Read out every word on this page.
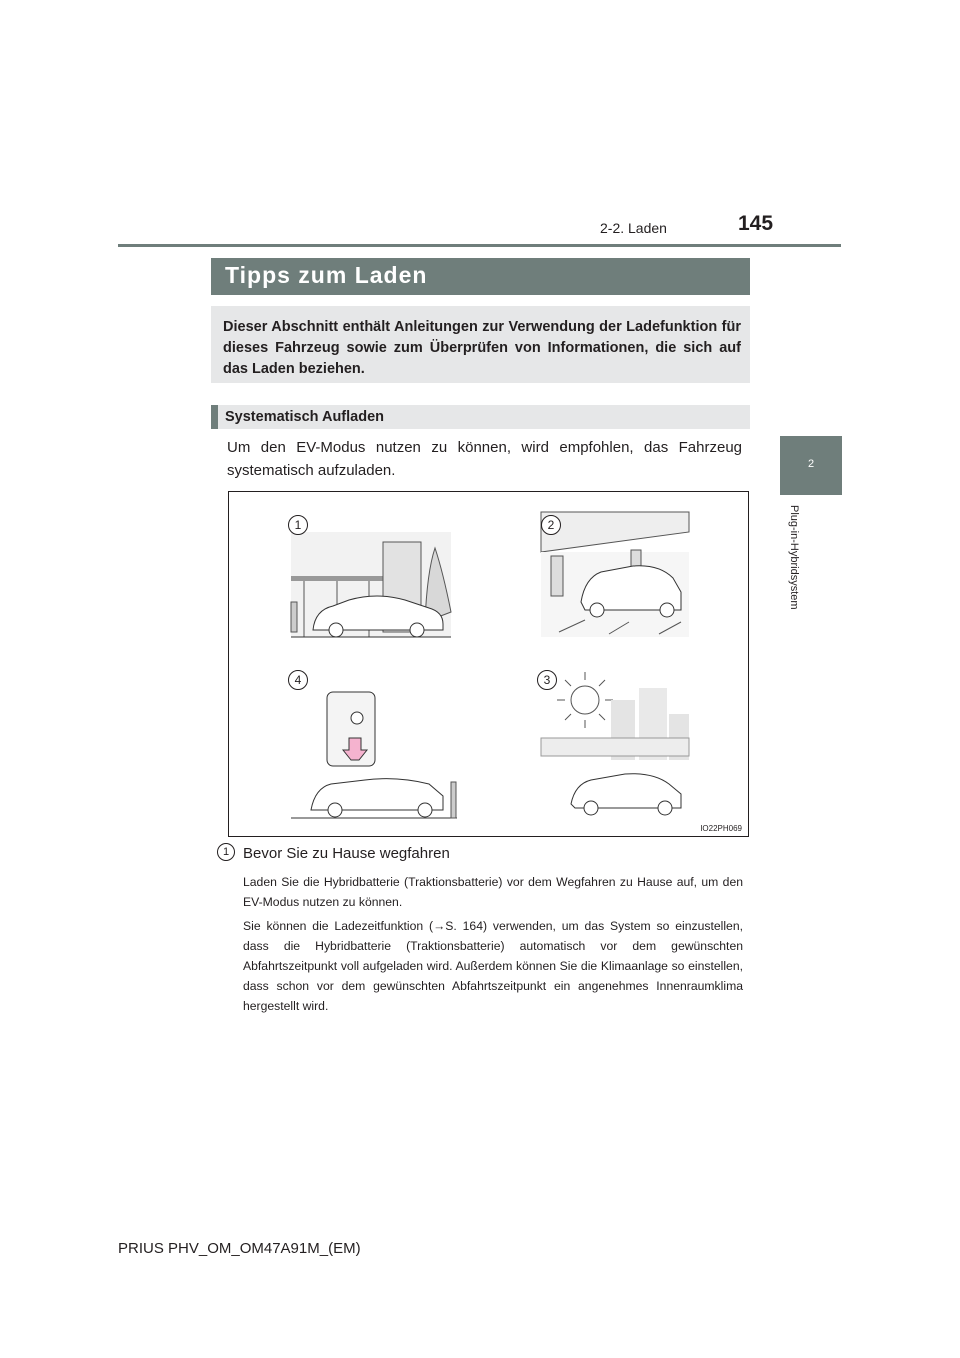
2-2. Laden	145
2
Plug-in-Hybridsystem
Tipps zum Laden
Dieser Abschnitt enthält Anleitungen zur Verwendung der Ladefunktion für dieses Fahrzeug sowie zum Überprüfen von Informationen, die sich auf das Laden beziehen.
Systematisch Aufladen
Um den EV-Modus nutzen zu können, wird empfohlen, das Fahrzeug systematisch aufzuladen.
1	2
3
4
IO22PH069
1 Bevor Sie zu Hause wegfahren
Laden Sie die Hybridbatterie (Traktionsbatterie) vor dem Wegfahren zu Hause auf, um den EV-Modus nutzen zu können.
Sie können die Ladezeitfunktion (→S. 164) verwenden, um das System so einzustellen, dass die Hybridbatterie (Traktionsbatterie) automatisch vor dem gewünschten Abfahrtszeitpunkt voll aufgeladen wird. Außerdem können Sie die Klimaanlage so einstellen, dass schon vor dem gewünschten Abfahrtszeitpunkt ein angenehmes Innenraumklima hergestellt wird.
PRIUS PHV_OM_OM47A91M_(EM)
